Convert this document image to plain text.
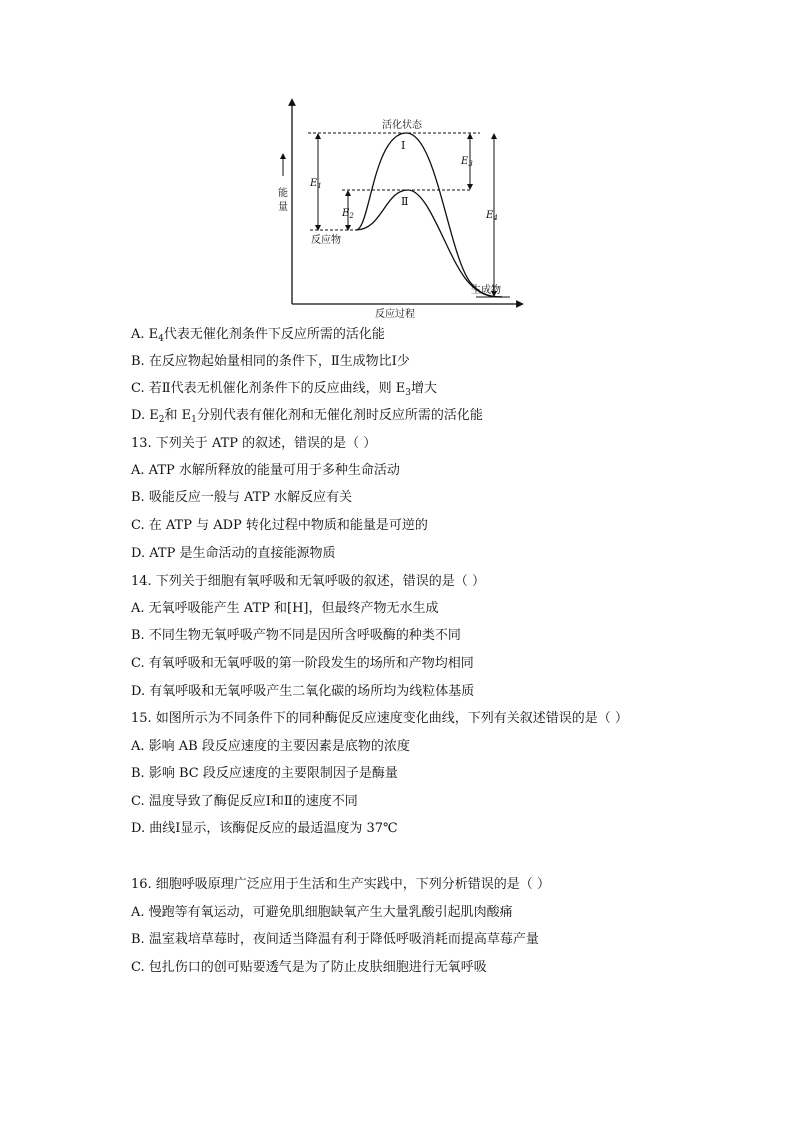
能
量
反应过程
$E_1$
$E_2$
$E_3$
$E_4$
活化状态
Ⅰ
Ⅱ
反应物
生成物
A. $E_4$代表无催化剂条件下反应所需的活化能
B. 在反应物起始量相同的条件下，Ⅱ生成物比Ⅰ少
C. 若Ⅱ代表无机催化剂条件下的反应曲线，则 $E_3$增大
D. $E_2$和 $E_1$分别代表有催化剂和无催化剂时反应所需的活化能
13. 下列关于 ATP 的叙述，错误的是（ ）
A. ATP 水解所释放的能量可用于多种生命活动
B. 吸能反应一般与 ATP 水解反应有关
C. 在 ATP 与 ADP 转化过程中物质和能量是可逆的
D. ATP 是生命活动的直接能源物质
14. 下列关于细胞有氧呼吸和无氧呼吸的叙述，错误的是（ ）
A. 无氧呼吸能产生 ATP 和[H]，但最终产物无水生成
B. 不同生物无氧呼吸产物不同是因所含呼吸酶的种类不同
C. 有氧呼吸和无氧呼吸的第一阶段发生的场所和产物均相同
D. 有氧呼吸和无氧呼吸产生二氧化碳的场所均为线粒体基质
15. 如图所示为不同条件下的同种酶促反应速度变化曲线，下列有关叙述错误的是（ ）
A. 影响 AB 段反应速度的主要因素是底物的浓度
B. 影响 BC 段反应速度的主要限制因子是酶量
C. 温度导致了酶促反应Ⅰ和Ⅱ的速度不同
D. 曲线Ⅰ显示，该酶促反应的最适温度为 37℃
16. 细胞呼吸原理广泛应用于生活和生产实践中，下列分析错误的是（ ）
A. 慢跑等有氧运动，可避免肌细胞缺氧产生大量乳酸引起肌肉酸痛
B. 温室栽培草莓时，夜间适当降温有利于降低呼吸消耗而提高草莓产量
C. 包扎伤口的创可贴要透气是为了防止皮肤细胞进行无氧呼吸
